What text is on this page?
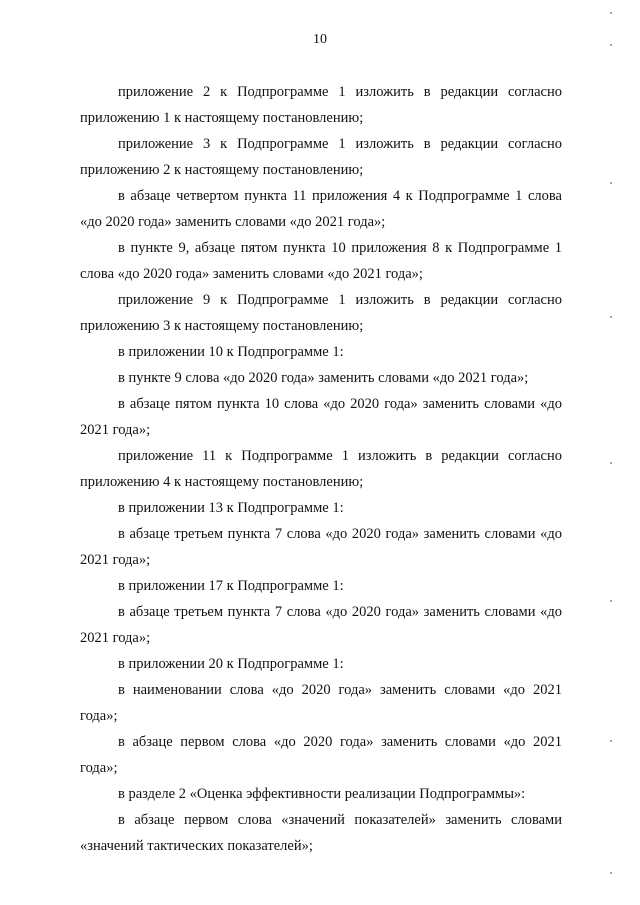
10

приложение 2 к Подпрограмме 1 изложить в редакции согласно приложению 1 к настоящему постановлению;

приложение 3 к Подпрограмме 1 изложить в редакции согласно приложению 2 к настоящему постановлению;

в абзаце четвертом пункта 11 приложения 4 к Подпрограмме 1 слова «до 2020 года» заменить словами «до 2021 года»;

в пункте 9, абзаце пятом пункта 10 приложения 8 к Подпрограмме 1 слова «до 2020 года» заменить словами «до 2021 года»;

приложение 9 к Подпрограмме 1 изложить в редакции согласно приложению 3 к настоящему постановлению;

в приложении 10 к Подпрограмме 1:

в пункте 9 слова «до 2020 года» заменить словами «до 2021 года»;

в абзаце пятом пункта 10 слова «до 2020 года» заменить словами «до 2021 года»;

приложение 11 к Подпрограмме 1 изложить в редакции согласно приложению 4 к настоящему постановлению;

в приложении 13 к Подпрограмме 1:

в абзаце третьем пункта 7 слова «до 2020 года» заменить словами «до 2021 года»;

в приложении 17 к Подпрограмме 1:

в абзаце третьем пункта 7 слова «до 2020 года» заменить словами «до 2021 года»;

в приложении 20 к Подпрограмме 1:

в наименовании слова «до 2020 года» заменить словами «до 2021 года»;

в абзаце первом слова «до 2020 года» заменить словами «до 2021 года»;

в разделе 2 «Оценка эффективности реализации Подпрограммы»:

в абзаце первом слова «значений показателей» заменить словами «значений тактических показателей»;
